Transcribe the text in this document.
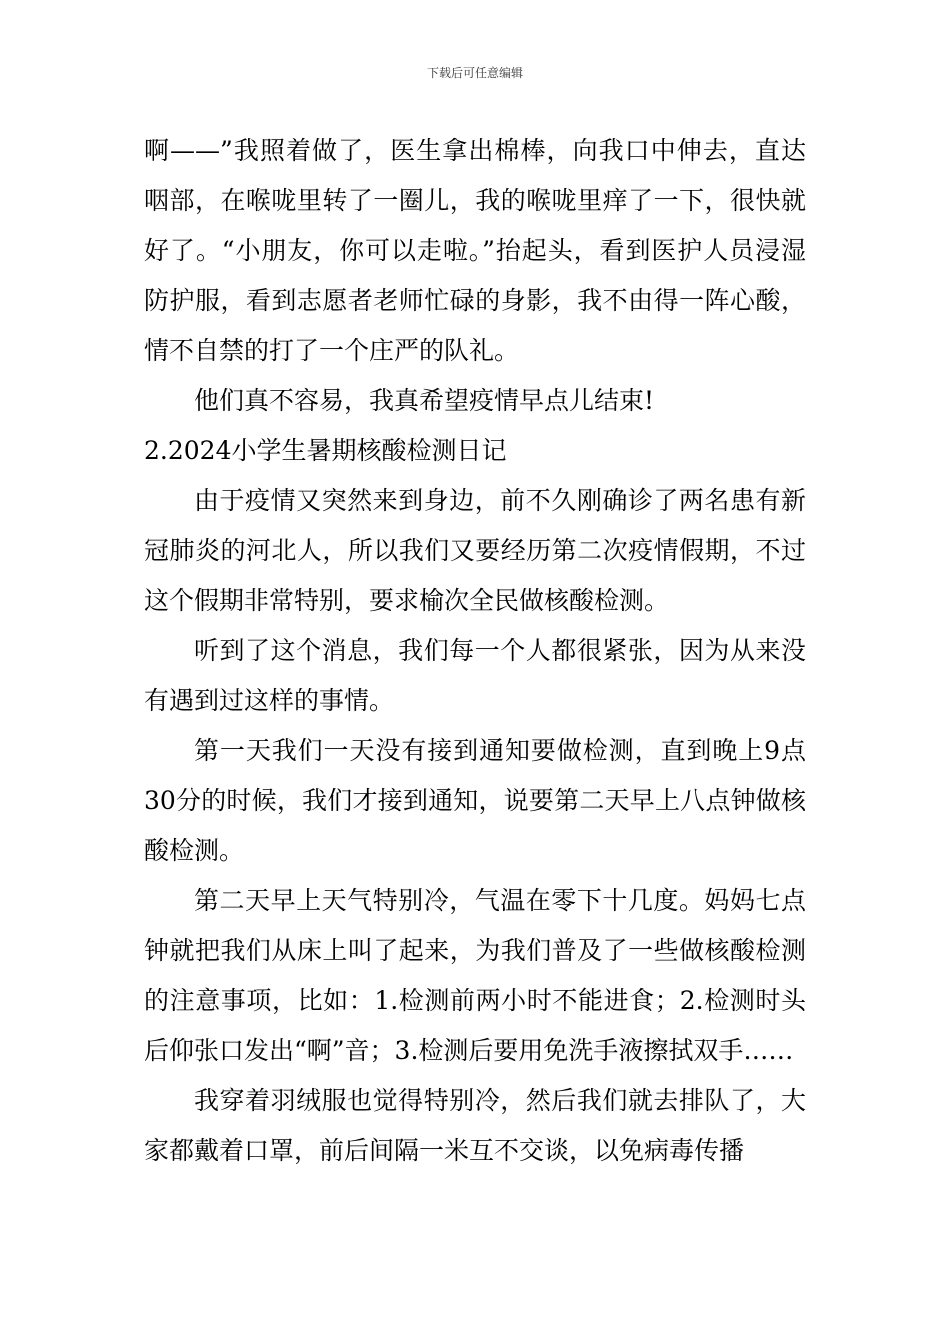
下载后可任意编辑

啊——”我照着做了，医生拿出棉棒，向我口中伸去，直达咽部，在喉咙里转了一圈儿，我的喉咙里痒了一下，很快就好了。“小朋友，你可以走啦。”抬起头，看到医护人员浸湿防护服，看到志愿者老师忙碌的身影，我不由得一阵心酸，情不自禁的打了一个庄严的队礼。

他们真不容易，我真希望疫情早点儿结束!

2.2024小学生暑期核酸检测日记

由于疫情又突然来到身边，前不久刚确诊了两名患有新冠肺炎的河北人，所以我们又要经历第二次疫情假期，不过这个假期非常特别，要求榆次全民做核酸检测。

听到了这个消息，我们每一个人都很紧张，因为从来没有遇到过这样的事情。

第一天我们一天没有接到通知要做检测，直到晚上9点30分的时候，我们才接到通知，说要第二天早上八点钟做核酸检测。

第二天早上天气特别冷，气温在零下十几度。妈妈七点钟就把我们从床上叫了起来，为我们普及了一些做核酸检测的注意事项，比如：1.检测前两小时不能进食；2.检测时头后仰张口发出“啊”音；3.检测后要用免洗手液擦拭双手……

我穿着羽绒服也觉得特别冷，然后我们就去排队了，大家都戴着口罩，前后间隔一米互不交谈，以免病毒传播
